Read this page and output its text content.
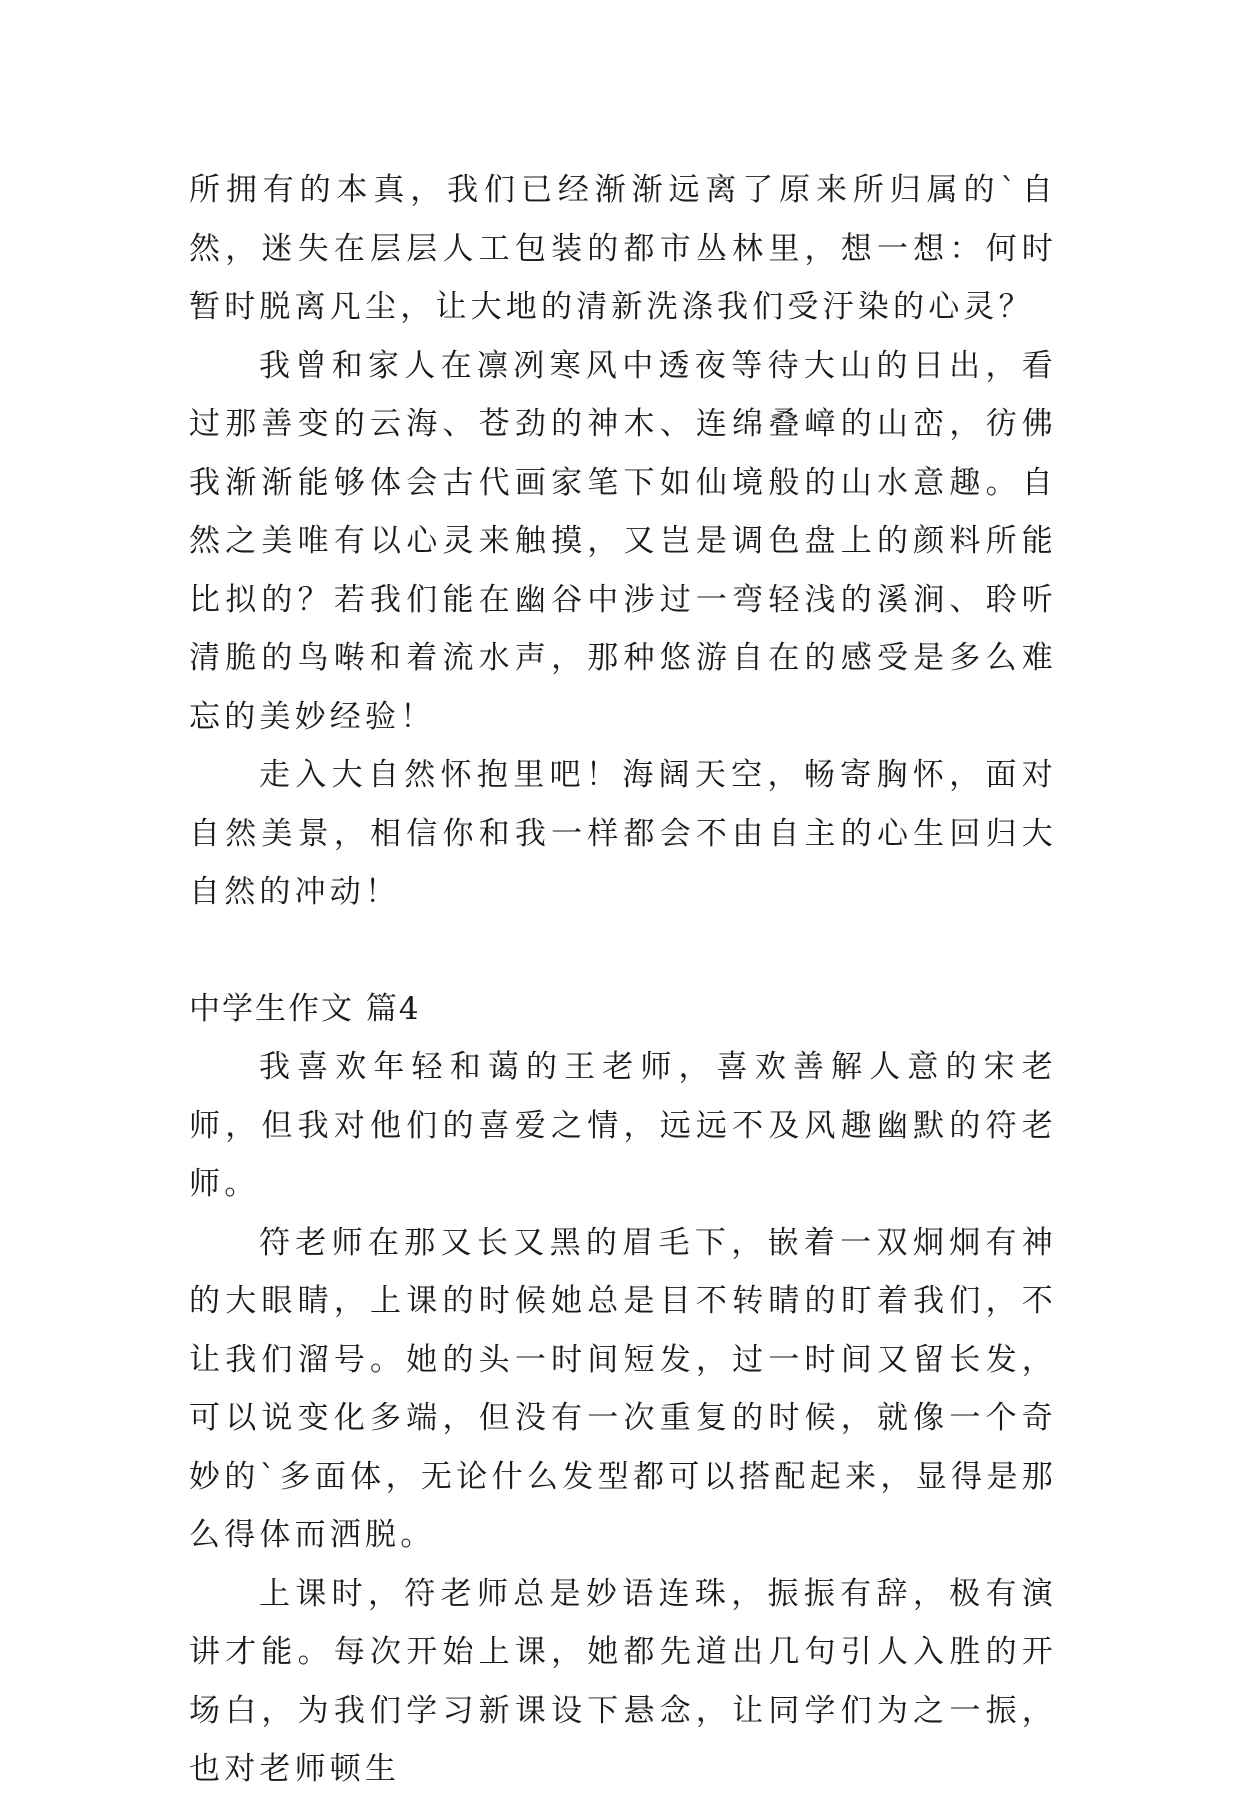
所拥有的本真，我们已经渐渐远离了原来所归属的`自然，迷失在层层人工包装的都市丛林里，想一想：何时暂时脱离凡尘，让大地的清新洗涤我们受汙染的心灵？

我曾和家人在凛冽寒风中透夜等待大山的日出，看过那善变的云海、苍劲的神木、连绵叠嶂的山峦，彷佛我渐渐能够体会古代画家笔下如仙境般的山水意趣。自然之美唯有以心灵来触摸，又岂是调色盘上的颜料所能比拟的？若我们能在幽谷中涉过一弯轻浅的溪涧、聆听清脆的鸟啭和着流水声，那种悠游自在的感受是多么难忘的美妙经验！

走入大自然怀抱里吧！海阔天空，畅寄胸怀，面对自然美景，相信你和我一样都会不由自主的心生回归大自然的冲动！

中学生作文 篇4

我喜欢年轻和蔼的王老师，喜欢善解人意的宋老师，但我对他们的喜爱之情，远远不及风趣幽默的符老师。

符老师在那又长又黑的眉毛下，嵌着一双炯炯有神的大眼睛，上课的时候她总是目不转睛的盯着我们，不让我们溜号。她的头一时间短发，过一时间又留长发，可以说变化多端，但没有一次重复的时候，就像一个奇妙的`多面体，无论什么发型都可以搭配起来，显得是那么得体而洒脱。

上课时，符老师总是妙语连珠，振振有辞，极有演讲才能。每次开始上课，她都先道出几句引人入胜的开场白，为我们学习新课设下悬念，让同学们为之一振，也对老师顿生
